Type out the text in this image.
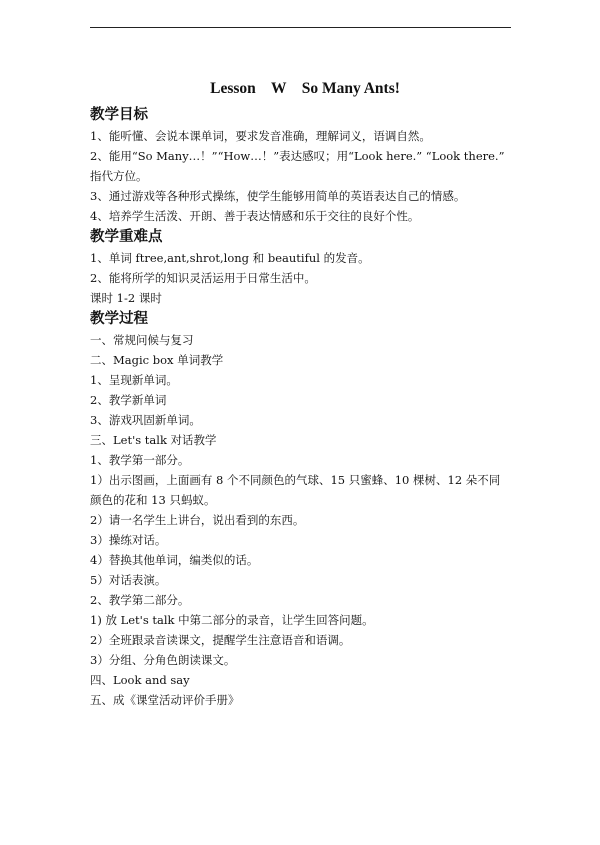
Lesson    W    So Many Ants!
教学目标
1、能听懂、会说本课单词，要求发音准确，理解词义，语调自然。
2、能用“So Many…！”“How…！”表达感叹；用“Look here.” “Look there.”
指代方位。
3、通过游戏等各种形式操练，使学生能够用简单的英语表达自己的情感。
4、培养学生活泼、开朗、善于表达情感和乐于交往的良好个性。
教学重难点
1、单词 ftree,ant,shrot,long 和 beautiful 的发音。
2、能将所学的知识灵活运用于日常生活中。
课时 1-2 课时
教学过程
一、常规问候与复习
二、Magic box 单词教学
1、呈现新单词。
2、教学新单词
3、游戏巩固新单词。
三、Let's talk 对话教学
1、教学第一部分。
1）出示图画，上面画有 8 个不同颜色的气球、15 只蜜蜂、10 棵树、12 朵不同
颜色的花和 13 只蚂蚁。
2）请一名学生上讲台，说出看到的东西。
3）操练对话。
4）替换其他单词，编类似的话。
5）对话表演。
2、教学第二部分。
1) 放 Let's talk 中第二部分的录音，让学生回答问题。
2）全班跟录音读课文，提醒学生注意语音和语调。
3）分组、分角色朗读课文。
四、Look and say
五、成《课堂活动评价手册》
